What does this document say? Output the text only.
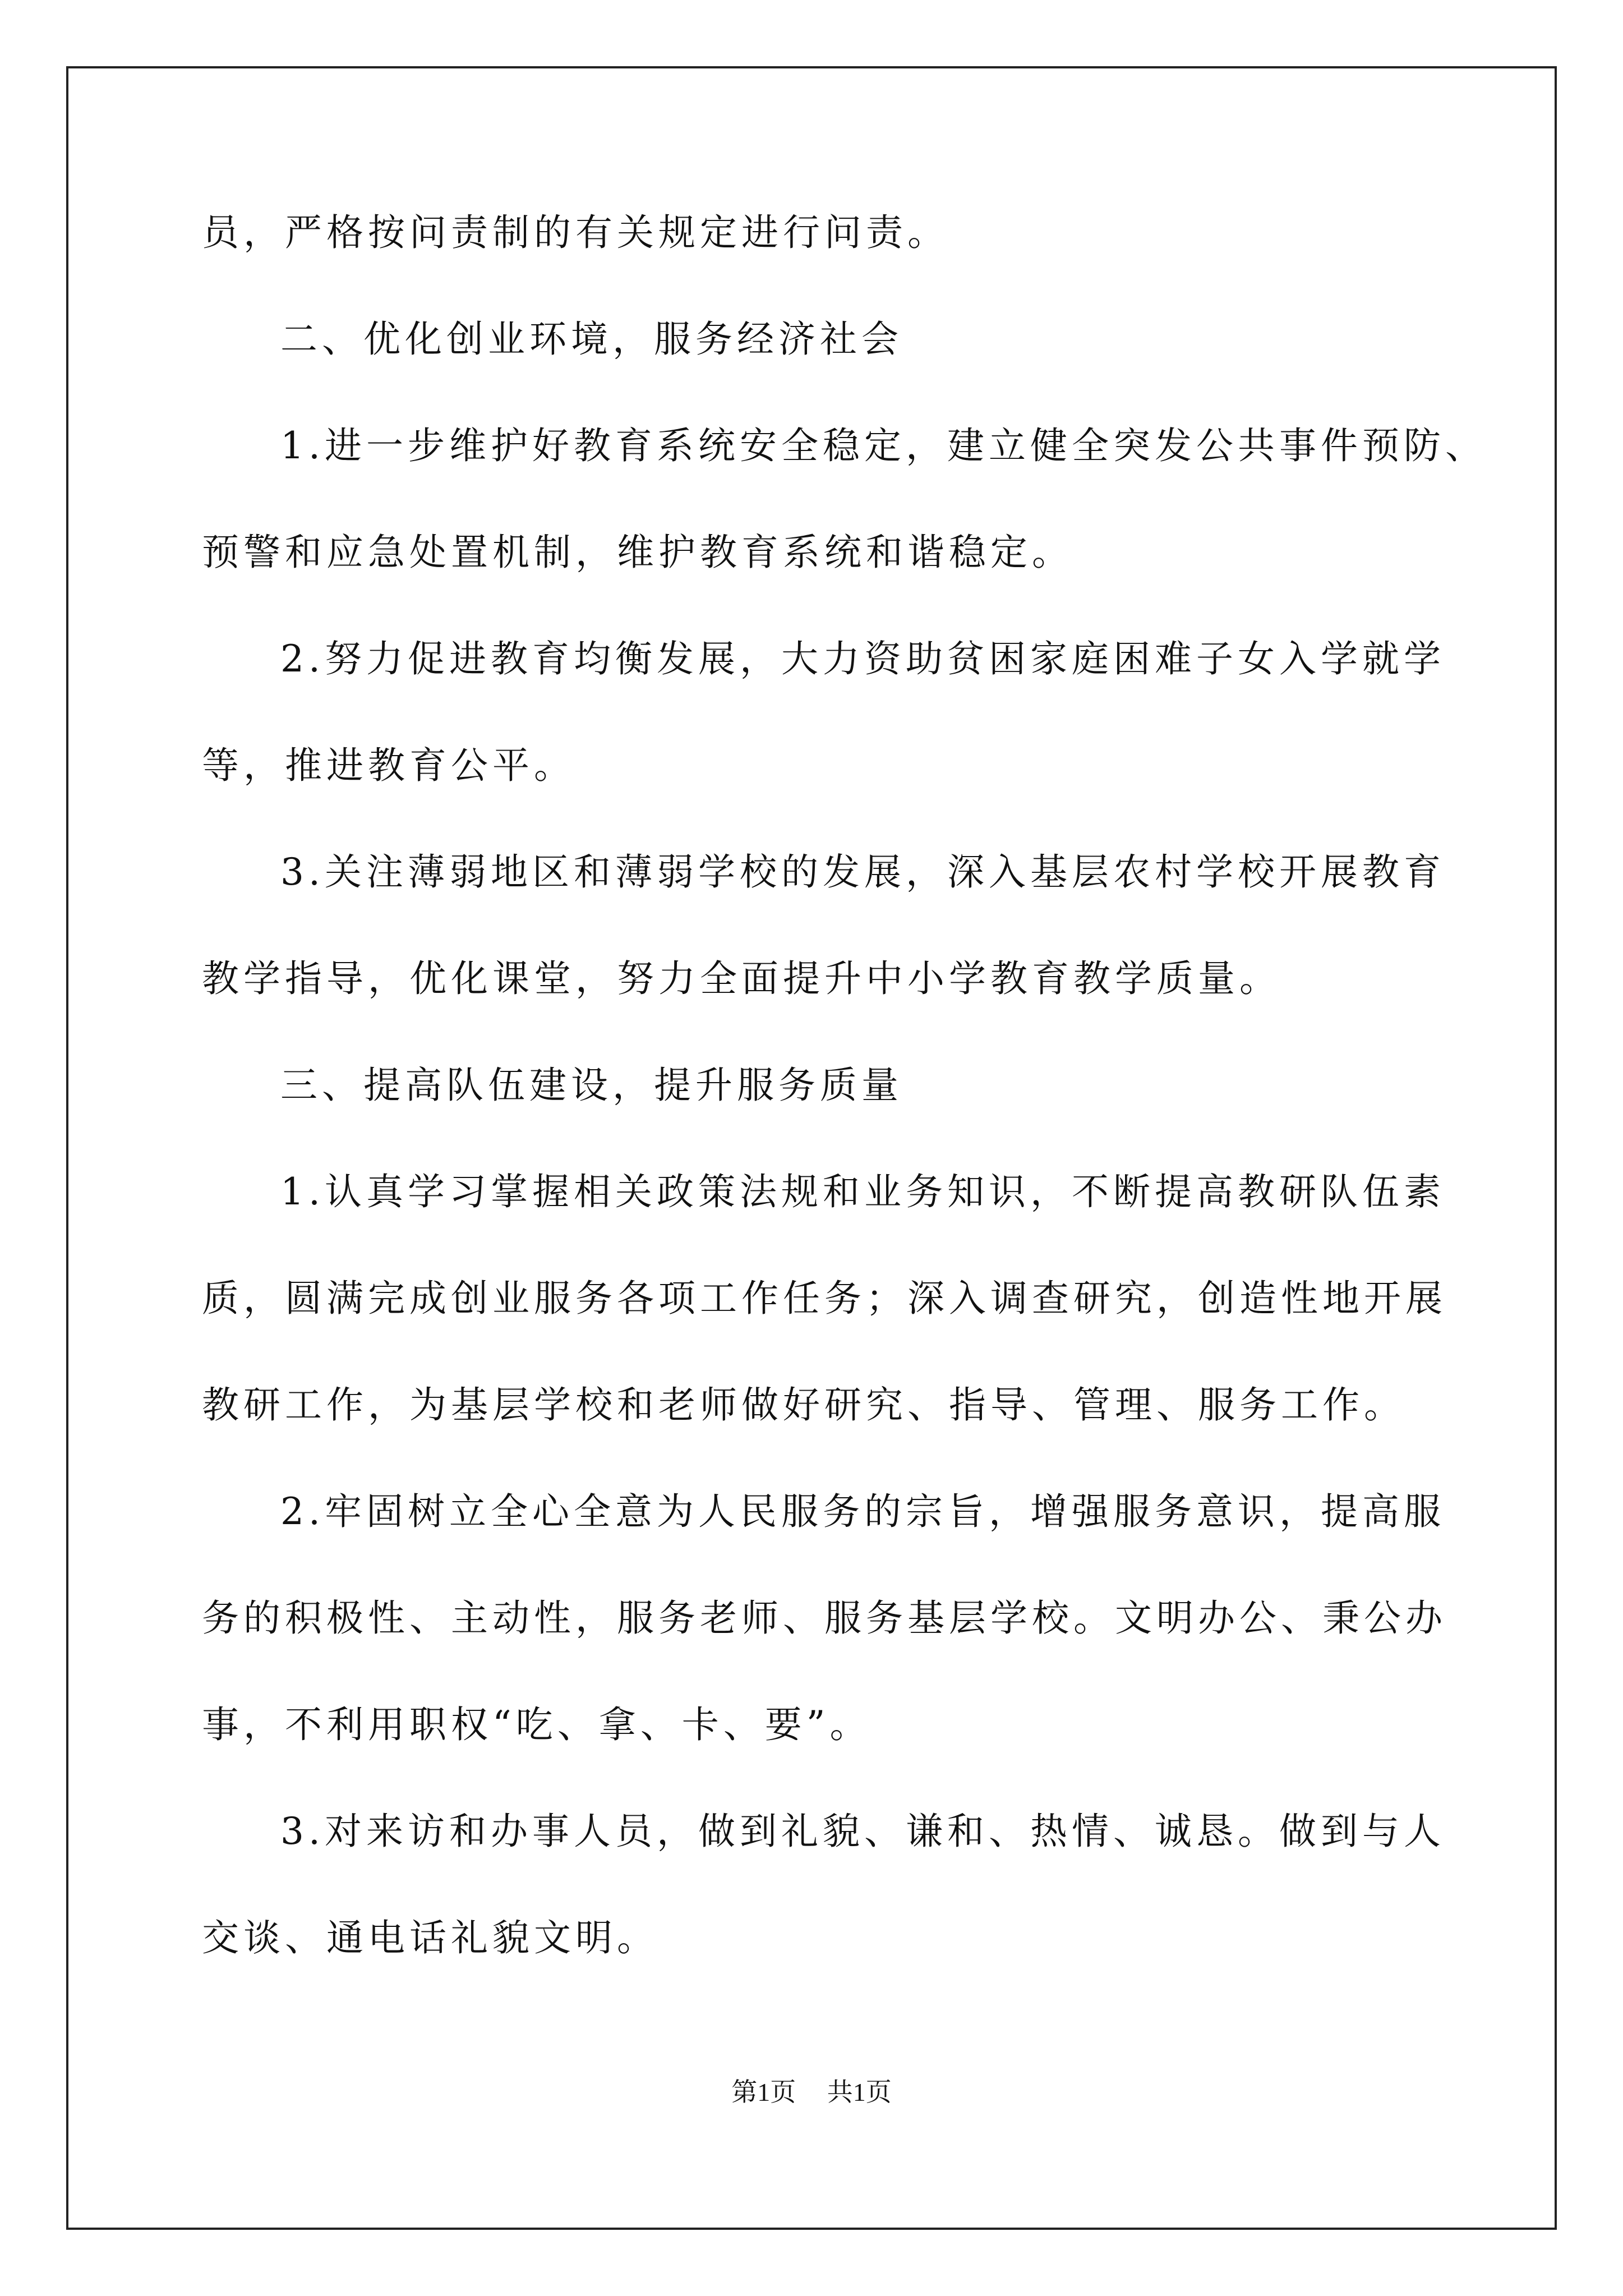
员，严格按问责制的有关规定进行问责。
二、优化创业环境，服务经济社会
1.进一步维护好教育系统安全稳定，建立健全突发公共事件预防、
预警和应急处置机制，维护教育系统和谐稳定。
2.努力促进教育均衡发展，大力资助贫困家庭困难子女入学就学
等，推进教育公平。
3.关注薄弱地区和薄弱学校的发展，深入基层农村学校开展教育
教学指导，优化课堂，努力全面提升中小学教育教学质量。
三、提高队伍建设，提升服务质量
1.认真学习掌握相关政策法规和业务知识，不断提高教研队伍素
质，圆满完成创业服务各项工作任务；深入调查研究，创造性地开展
教研工作，为基层学校和老师做好研究、指导、管理、服务工作。
2.牢固树立全心全意为人民服务的宗旨，增强服务意识，提高服
务的积极性、主动性，服务老师、服务基层学校。文明办公、秉公办
事，不利用职权“吃、拿、卡、要”。
3.对来访和办事人员，做到礼貌、谦和、热情、诚恳。做到与人
交谈、通电话礼貌文明。
第1页 共1页
